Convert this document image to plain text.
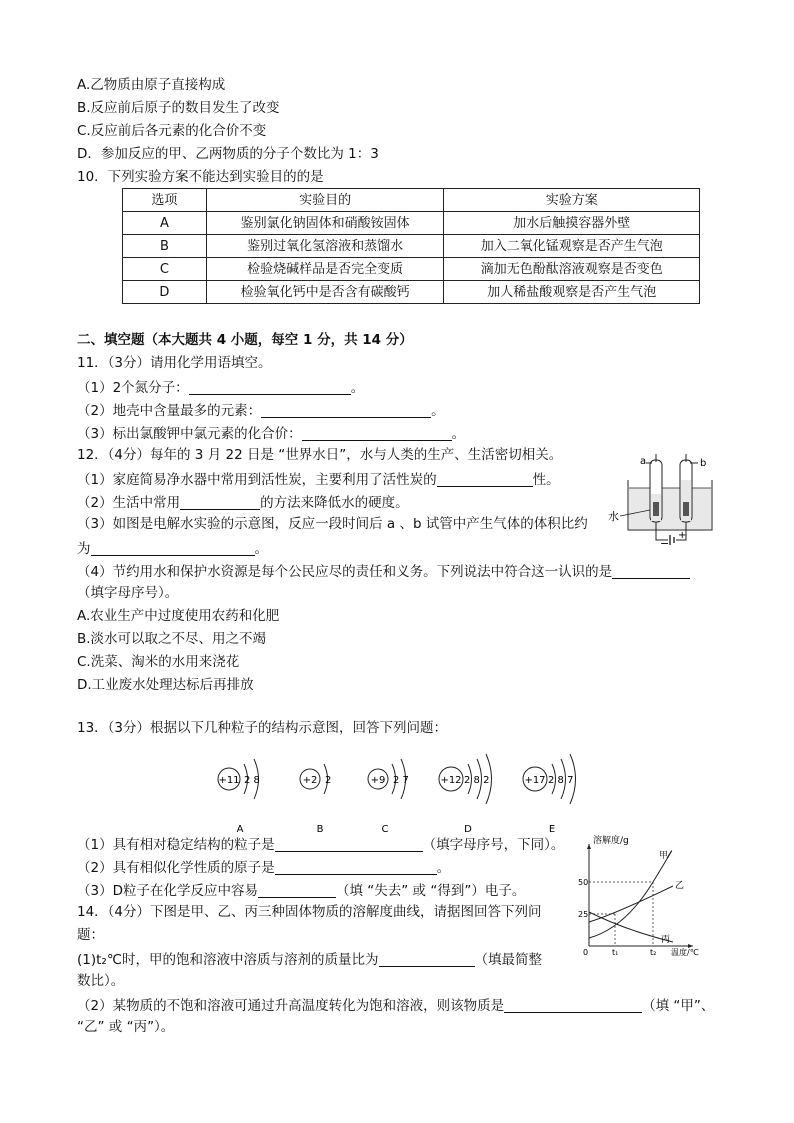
A.乙物质由原子直接构成
B.反应前后原子的数目发生了改变
C.反应前后各元素的化合价不变
D．参加反应的甲、乙两物质的分子个数比为 1：3
10．下列实验方案不能达到实验目的的是
选项	实验目的	实验方案
A	鉴别氯化钠固体和硝酸铵固体	加水后触摸容器外壁
B	鉴别过氧化氢溶液和蒸馏水	加入二氧化锰观察是否产生气泡
C	检验烧碱样品是否完全变质	滴加无色酚酞溶液观察是否变色
D	检验氧化钙中是否含有碳酸钙	加人稀盐酸观察是否产生气泡
二、填空题（本大题共 4 小题，每空 1 分，共 14 分）
11．（3分）请用化学用语填空。
（1）2个氮分子：	。
（2）地壳中含量最多的元素：	。
（3）标出氯酸钾中氯元素的化合价：	。
12．（4分）每年的 3 月 22 日是 “世界水日”，水与人类的生产、生活密切相关。
（1）家庭简易净水器中常用到活性炭，主要利用了活性炭的	性。
（2）生活中常用	的方法来降低水的硬度。
（3）如图是电解水实验的示意图，反应一段时间后 a 、b 试管中产生气体的体积比约
为	。
（4）节约用水和保护水资源是每个公民应尽的责任和义务。下列说法中符合这一认识的是
（填字母序号）。
A.农业生产中过度使用农药和化肥
B.淡水可以取之不尽、用之不竭
C.洗菜、淘米的水用来浇花
D.工业废水处理达标后再排放
a	b
水
−
+
13．（3分）根据以下几种粒子的结构示意图，回答下列问题：
+11 2 8
A
+2 2
B
+9 2 7
C
+12 2 8 2
D
+17 2 8 7
E
（1）具有相对稳定结构的粒子是	（填字母序号，下同）。
（2）具有相似化学性质的原子是	。
（3）D粒子在化学反应中容易	（填 “失去” 或 “得到”）电子。
14．（4分）下图是甲、乙、丙三种固体物质的溶解度曲线，请据图回答下列问
题：
(1)t₂℃时，甲的饱和溶液中溶质与溶剂的质量比为	（填最简整
数比）。
（2）某物质的不饱和溶液可通过升高温度转化为饱和溶液，则该物质是	（填 “甲”、
“乙” 或 “丙”）。
溶解度/g
温度/℃
50
25
0	t₁	t₂
甲
乙
丙
